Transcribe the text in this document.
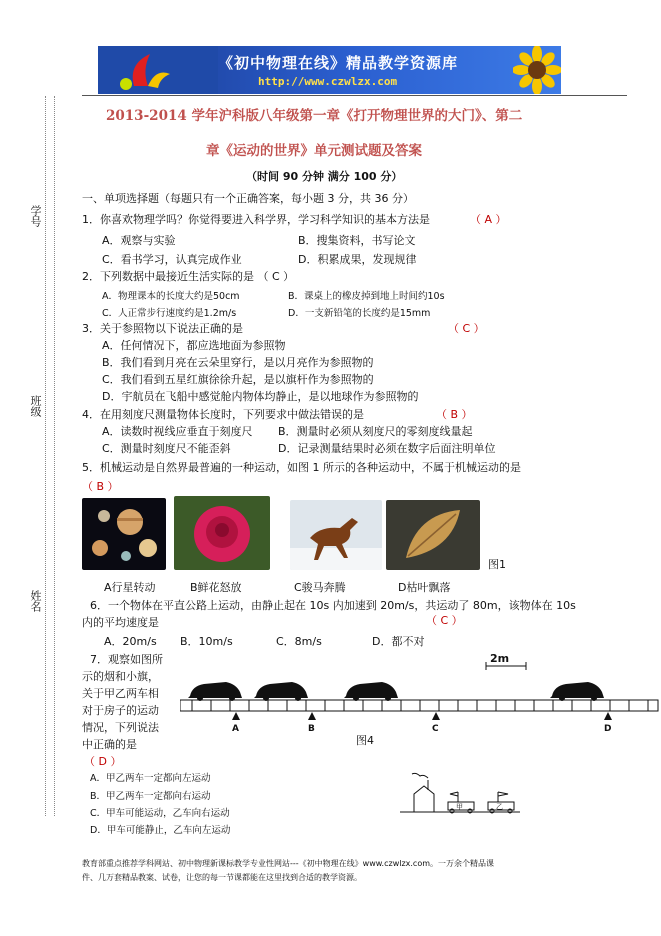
《初中物理在线》精品教学资源库
http://www.czwlzx.com
学号
班级
姓名
2013-2014 学年沪科版八年级第一章《打开物理世界的大门》、第二
章《运动的世界》单元测试题及答案
（时间 90 分钟 满分 100 分）
一、单项选择题（每题只有一个正确答案，每小题 3 分，共 36 分）
1．你喜欢物理学吗？你觉得要进入科学界，学习科学知识的基本方法是	（ A ）
A．观察与实验	B．搜集资料，书写论文
C．看书学习，认真完成作业	D．积累成果，发现规律
2．下列数据中最接近生活实际的是 （ C ）
A．物理课本的长度大约是50cm	B．课桌上的橡皮掉到地上时间约10s
C．人正常步行速度约是1.2m/s	D．一支新铅笔的长度约是15mm
3．关于参照物以下说法正确的是	（ C ）
A．任何情况下，都应选地面为参照物
B．我们看到月亮在云朵里穿行，是以月亮作为参照物的
C．我们看到五星红旗徐徐升起，是以旗杆作为参照物的
D．宇航员在飞船中感觉舱内物体均静止，是以地球作为参照物的
4．在用刻度尺测量物体长度时，下列要求中做法错误的是	（ B ）
A．读数时视线应垂直于刻度尺 B．测量时必须从刻度尺的零刻度线量起
C．测量时刻度尺不能歪斜	D．记录测量结果时必须在数字后面注明单位
5．机械运动是自然界最普遍的一种运动，如图 1 所示的各种运动中，不属于机械运动的是
（ B ）
图1
A行星转动	B鲜花怒放	C骏马奔腾	D枯叶飘落
6．一个物体在平直公路上运动，由静止起在 10s 内加速到 20m/s，共运动了 80m，该物体在 10s
内的平均速度是	（ C ）
A．20m/s B．10m/s	C．8m/s	D．都不对
7．观察如图所
示的烟和小旗，
关于甲乙两车相
对于房子的运动
情况，下列说法
中正确的是
（ D ）
2m
A	B	C	D
图4
甲	乙
A．甲乙两车一定都向左运动
B．甲乙两车一定都向右运动
C．甲车可能运动，乙车向右运动
D．甲车可能静止，乙车向左运动
教育部重点推荐学科网站、初中物理新课标教学专业性网站---《初中物理在线》www.czwlzx.com。一万余个精品课
件、几万套精品教案、试卷，让您的每一节课都能在这里找到合适的教学资源。
